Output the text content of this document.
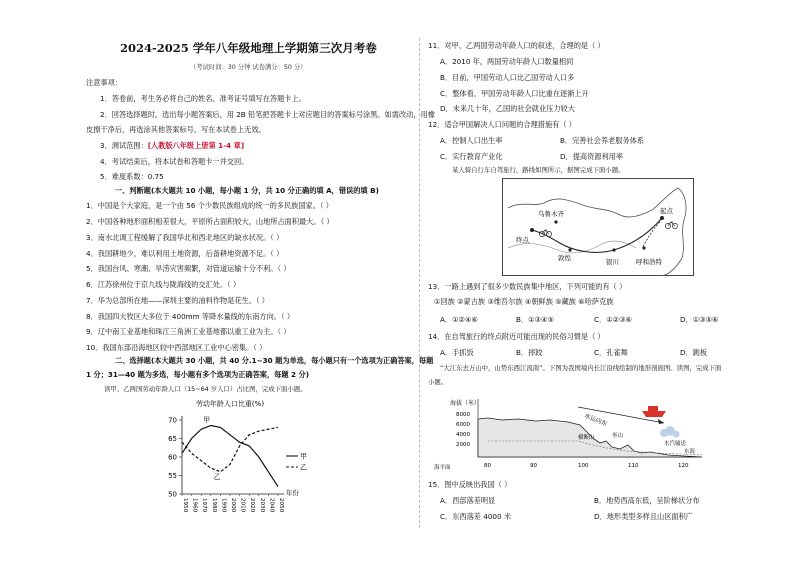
2024-2025 学年八年级地理上学期第三次月考卷
（考试时间：30 分钟 试卷满分：50 分）
注意事项：
1．答卷前，考生务必将自己的姓名、准考证号填写在答题卡上。
2．回答选择题时，选出每小题答案后，用 2B 铅笔把答题卡上对应题目的答案标号涂黑。如需改动，用橡
皮擦干净后，再选涂其他答案标号。写在本试卷上无效。
3．测试范围：[人教版八年级上册第 1-4 章]
4．考试结束后，将本试卷和答题卡一并交回。
5．难度系数：0.75
一、判断题(本大题共 10 小题，每小题 1 分，共 10 分正确的填 A，错误的填 B)
1．中国是个大家庭，是一个由 56 个少数民族组成的统一的多民族国家。（ ）
2．中国各种地形面积相差很大，平原所占面积较大，山地所占面积最大。（ ）
3．南水北调工程缓解了我国华北和西北地区的缺水状况。（ ）
4．我国耕地少，难以利用土地资源，后备耕地资源不足。（ ）
5．我国台风、寒潮、旱涝灾害频繁，对管道运输十分不利。（ ）
6．江苏徐州位于京九线与陇海线的交汇处。（ ）
7．华为总部所在地——深圳主要的油料作物是花生。（ ）
8．我国四大牧区大多位于 400mm 等降水量线的东南方向。（ ）
9．辽中南工业基地和珠江三角洲工业基地都以重工业为主。（ ）
10．我国东部沿海地区较中西部地区工业中心密集。（ ）
二、选择题(本大题共 30 小题，共 40 分.1~30 题为单选，每小题只有一个选项为正确答案，每题
1 分；31—40 题为多选，每小题有多个选项为正确答案，每题 2 分)
读甲、乙两国劳动年龄人口（15~64 岁人口）占比图，完成下面小题。
劳动年龄人口比重(%)
50
55
60
65
70
1950 1960 1970 1980 1990 2000 2010 2020 2030 2040 2050
年份
甲
乙
甲
乙
11．对甲、乙两国劳动年龄人口的叙述，合理的是（ ）
A．2010 年，两国劳动年龄人口数量相同
B．目前，甲国劳动人口比乙国劳动人口多
C．整体看，甲国劳动年龄人口比重在逐渐上升
D．未来几十年，乙国的社会就业压力较大
12．适合甲国解决人口问题的合理措施有（ ）
A．控制人口出生率	B．完善社会养老服务体系
C．实行教育产业化	D．提高资源利用率
某人骑自行车自驾旅行，路线如图所示，据图完成下面小题。
起点
终点
乌鲁木齐
敦煌	银川	呼和浩特
13．一路上遇到了很多少数民族集中地区，下列可能的有（ ）
①回族 ②蒙古族 ③维吾尔族 ④朝鲜族 ⑤藏族 ⑥哈萨克族
A．①②④⑥	B．①③④⑤	C．①②③⑥	D．①③⑤⑥
14．在自驾旅行的终点附近可能出现的民俗习惯是（ ）
A．手抓饭	B．摔跤	C．孔雀舞	D．跳板
“大江东去万山中，山势东西江流南”。下图为我国境内长江沿线绘制的地形剖面图。读图，完成下面
小题。
海拔（米）
8000
6000
4000
2000
海平面	80	90	100	110	120
水运向东
水汽输送
横断山	巫山
东海
15．图中反映出我国（ ）
A．西部落差明显	B．地势西高东低，呈阶梯状分布
C．东西落差 4000 米	D．地形类型多样且山区面积广
